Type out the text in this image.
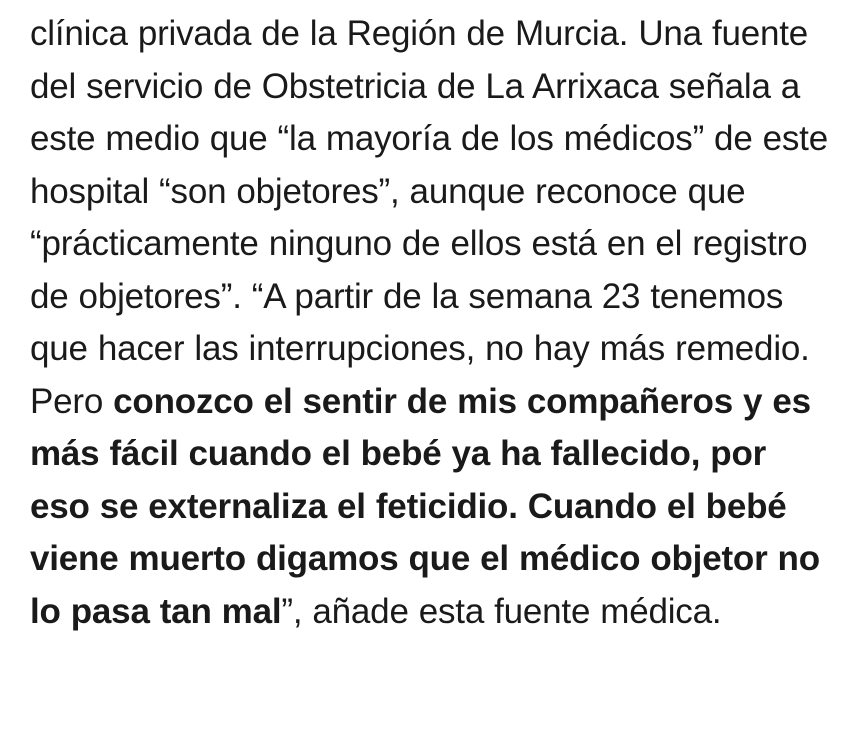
clínica privada de la Región de Murcia. Una fuente del servicio de Obstetricia de La Arrixaca señala a este medio que “la mayoría de los médicos” de este hospital “son objetores”, aunque reconoce que “prácticamente ninguno de ellos está en el registro de objetores”. “A partir de la semana 23 tenemos que hacer las interrupciones, no hay más remedio. Pero conozco el sentir de mis compañeros y es más fácil cuando el bebé ya ha fallecido, por eso se externaliza el feticidio. Cuando el bebé viene muerto digamos que el médico objetor no lo pasa tan mal”, añade esta fuente médica.
